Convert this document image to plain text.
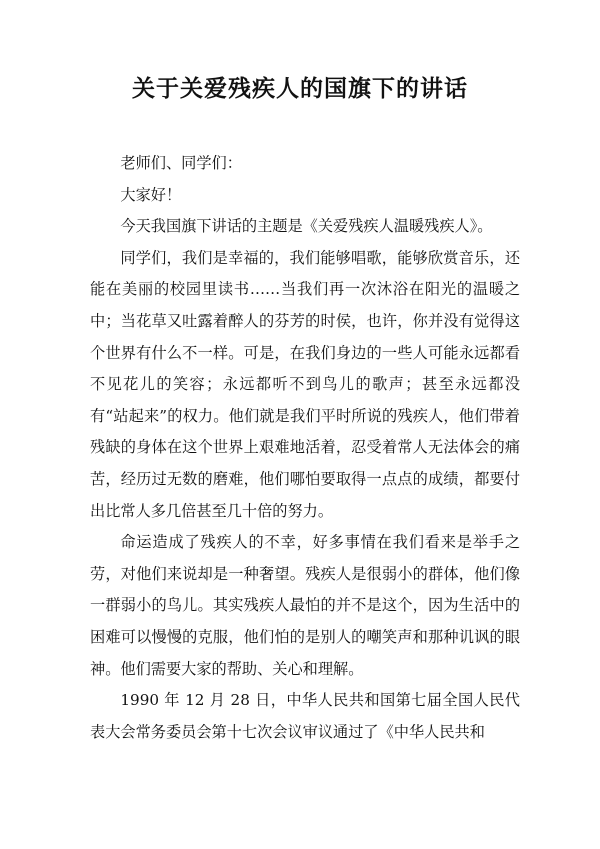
关于关爱残疾人的国旗下的讲话

老师们、同学们：

大家好！

今天我国旗下讲话的主题是《关爱残疾人温暖残疾人》。

同学们，我们是幸福的，我们能够唱歌，能够欣赏音乐，还能在美丽的校园里读书……当我们再一次沐浴在阳光的温暖之中；当花草又吐露着醉人的芬芳的时侯，也许，你并没有觉得这个世界有什么不一样。可是，在我们身边的一些人可能永远都看不见花儿的笑容；永远都听不到鸟儿的歌声；甚至永远都没有“站起来”的权力。他们就是我们平时所说的残疾人，他们带着残缺的身体在这个世界上艰难地活着，忍受着常人无法体会的痛苦，经历过无数的磨难，他们哪怕要取得一点点的成绩，都要付出比常人多几倍甚至几十倍的努力。

命运造成了残疾人的不幸，好多事情在我们看来是举手之劳，对他们来说却是一种奢望。残疾人是很弱小的群体，他们像一群弱小的鸟儿。其实残疾人最怕的并不是这个，因为生活中的困难可以慢慢的克服，他们怕的是别人的嘲笑声和那种讥讽的眼神。他们需要大家的帮助、关心和理解。

1990 年 12 月 28 日，中华人民共和国第七届全国人民代表大会常务委员会第十七次会议审议通过了《中华人民共和
